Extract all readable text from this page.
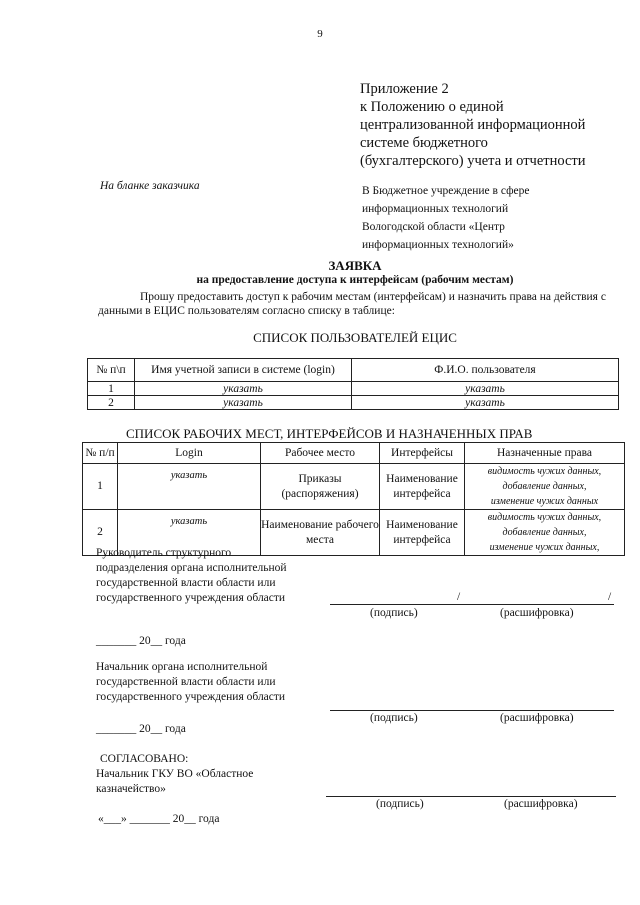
9
Приложение 2
к Положению о единой
централизованной информационной
системе бюджетного
(бухгалтерского) учета и отчетности
На бланке заказчика	В Бюджетное учреждение в сфере
информационных технологий
Вологодской области «Центр
информационных технологий»
ЗАЯВКА
на предоставление доступа к интерфейсам (рабочим местам)
Прошу предоставить доступ к рабочим местам (интерфейсам) и назначить права на действия с данными в ЕЦИС пользователям согласно списку в таблице:
СПИСОК ПОЛЬЗОВАТЕЛЕЙ ЕЦИС
№ п\п	Имя учетной записи в системе (login)	Ф.И.О. пользователя
1	указать	указать
2	указать	указать
СПИСОК РАБОЧИХ МЕСТ, ИНТЕРФЕЙСОВ И НАЗНАЧЕННЫХ ПРАВ
№ п/п	Login	Рабочее место	Интерфейсы	Назначенные права
1	указать	Приказы (распоряжения)	Наименование интерфейса	видимость чужих данных,
добавление данных,
изменение чужих данных

2	указать	Наименование рабочего места	Наименование интерфейса	видимость чужих данных,
добавление данных,
изменение чужих данных,
Руководитель структурного
подразделения органа исполнительной
государственной власти области или
государственного учреждения области	/	/
(подпись)	(расшифровка)
_______ 20__ года
Начальник органа исполнительной
государственной власти области или
государственного учреждения области
(подпись)	(расшифровка)
_______ 20__ года
СОГЛАСОВАНО:
Начальник ГКУ ВО «Областное
казначейство»
(подпись)	(расшифровка)
«___» _______ 20__ года
